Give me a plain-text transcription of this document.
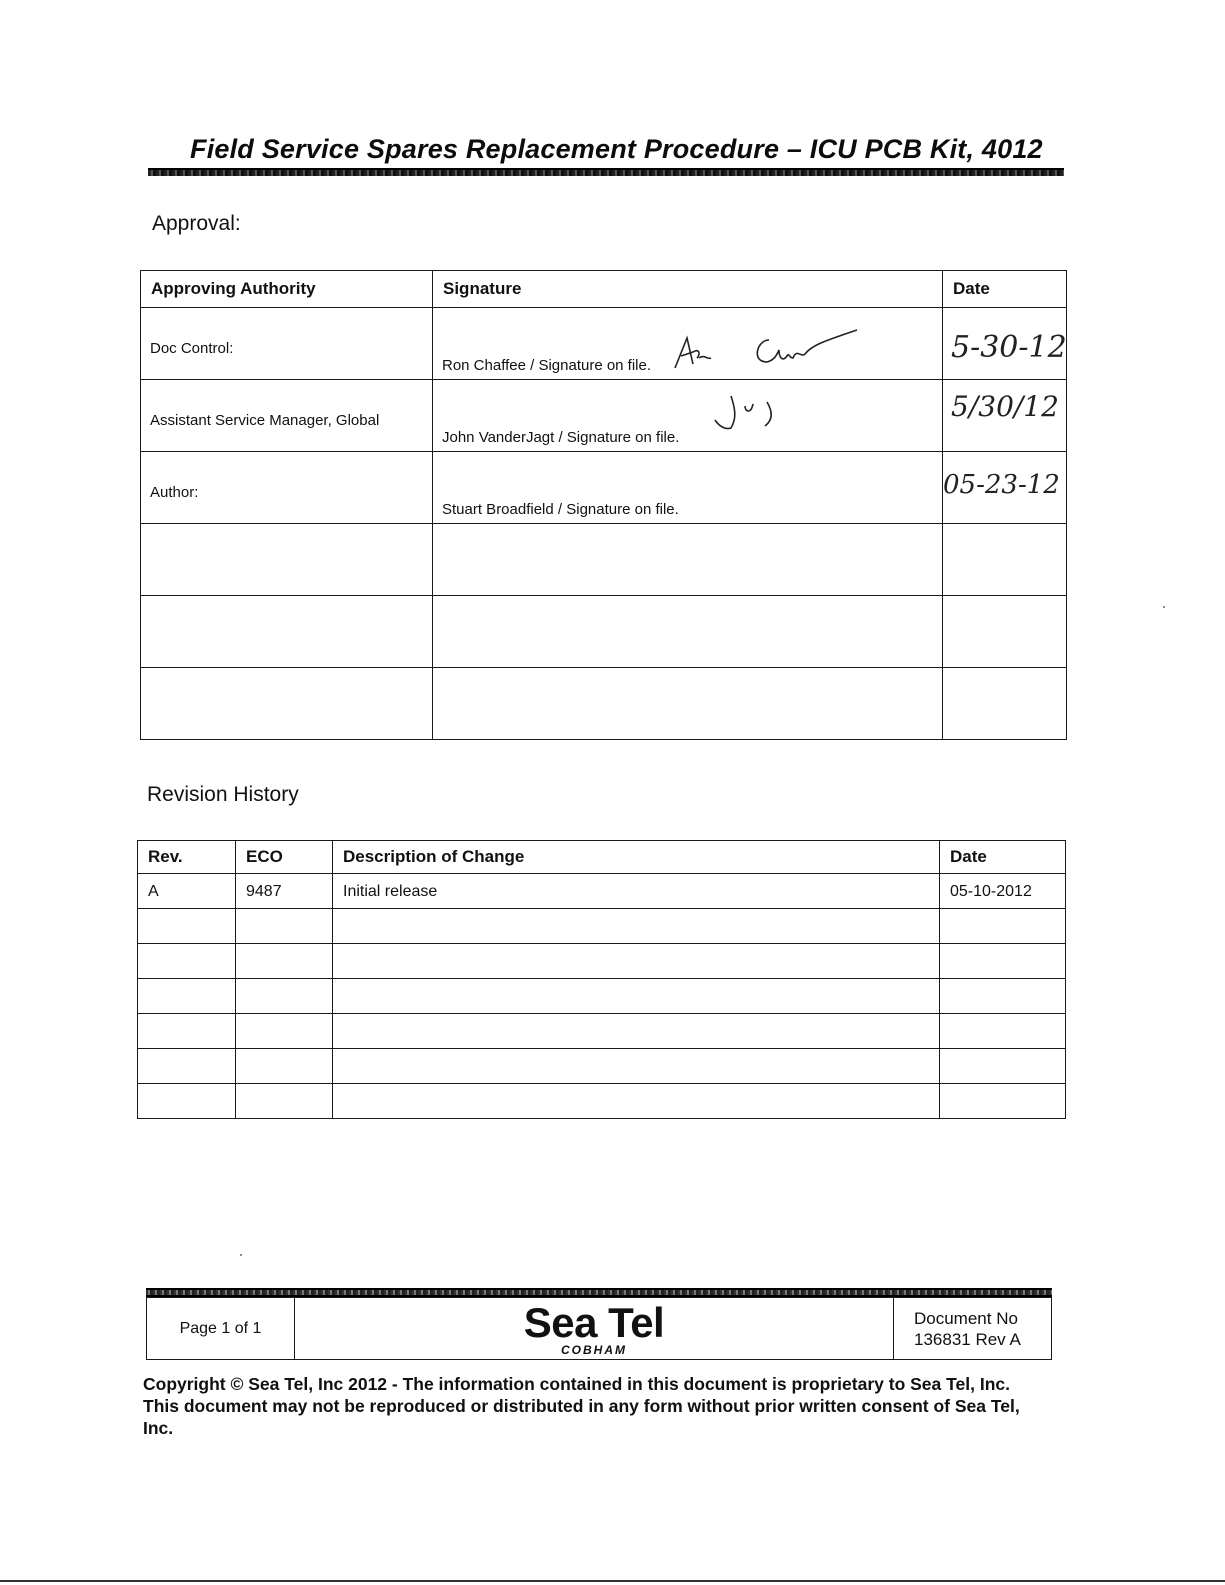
Field Service Spares Replacement Procedure – ICU PCB Kit, 4012
Approval:
Approving Authority	Signature	Date
Doc Control:	Ron Chaffee / Signature on file.	5-30-12

Assistant Service Manager, Global	John VanderJagt / Signature on file.	5/30/12

Author:	Stuart Broadfield / Signature on file.	05-23-12

Revision History
Rev.	ECO	Description of Change	Date
A	9487	Initial release	05-10-2012

Page 1 of 1	Sea Tel
COBHAM
Document No
136831 Rev A
Copyright © Sea Tel, Inc 2012 - The information contained in this document is proprietary to Sea Tel, Inc. This document may not be reproduced or distributed in any form without prior written consent of Sea Tel, Inc.
